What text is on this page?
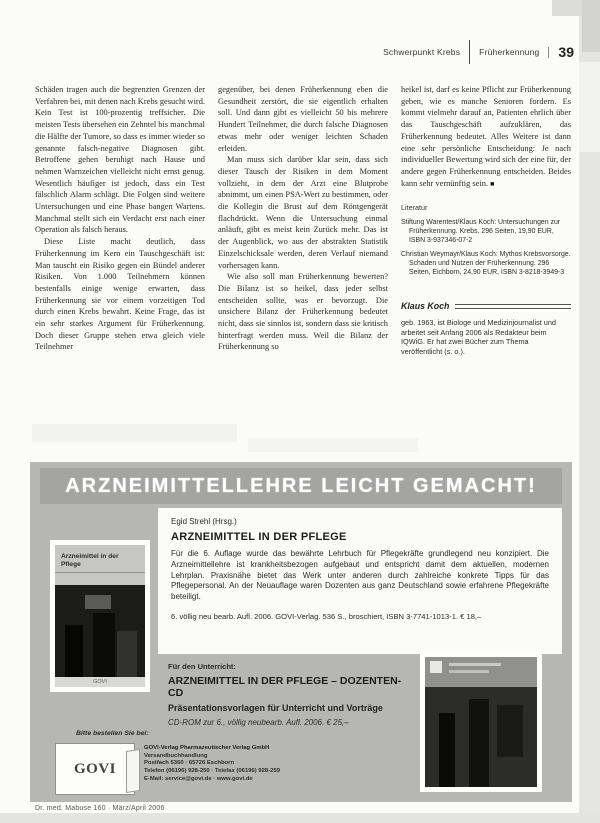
Schwerpunkt Krebs Früherkennung 39

Schäden tragen auch die begrenzten Grenzen der Verfahren bei, mit denen nach Krebs gesucht wird. Kein Test ist 100-prozentig treffsicher. Die meisten Tests übersehen ein Zehntel bis manchmal die Hälfte der Tumore, so dass es immer wieder so genannte falsch-negative Diagnosen gibt. Betroffene gehen beruhigt nach Hause und nehmen Warnzeichen vielleicht nicht ernst genug. Wesentlich häufiger ist jedoch, dass ein Test fälschlich Alarm schlägt. Die Folgen sind weitere Untersuchungen und eine Phase bangen Wartens. Manchmal stellt sich ein Verdacht erst nach einer Operation als falsch heraus.

Diese Liste macht deutlich, dass Früherkennung im Kern ein Tauschgeschäft ist: Man tauscht ein Risiko gegen ein Bündel anderer Risiken. Von 1.000 Teilnehmern können bestenfalls einige wenige erwarten, dass Früherkennung sie vor einem vorzeitigen Tod durch einen Krebs bewahrt. Keine Frage, das ist ein sehr starkes Argument für Früherkennung. Doch dieser Gruppe stehen etwa gleich viele Teilnehmer

gegenüber, bei denen Früherkennung eben die Gesundheit zerstört, die sie eigentlich erhalten soll. Und dann gibt es vielleicht 50 bis mehrere Hundert Teilnehmer, die durch falsche Diagnosen etwas mehr oder weniger leichten Schaden erleiden.

Man muss sich darüber klar sein, dass sich dieser Tausch der Risiken in dem Moment vollzieht, in dem der Arzt eine Blutprobe abnimmt, um einen PSA-Wert zu bestimmen, oder die Kollegin die Brust auf dem Röntgengerät flachdrückt. Wenn die Untersuchung einmal anläuft, gibt es meist kein Zurück mehr. Das ist der Augenblick, wo aus der abstrakten Statistik Einzelschicksale werden, deren Verlauf niemand vorhersagen kann.

Wie also soll man Früherkennung bewerten? Die Bilanz ist so heikel, dass jeder selbst entscheiden sollte, was er bevorzugt. Die unsichere Bilanz der Früherkennung bedeutet nicht, dass sie sinnlos ist, sondern dass sie kritisch hinterfragt werden muss. Weil die Bilanz der Früherkennung so

heikel ist, darf es keine Pflicht zur Früherkennung geben, wie es manche Senioren fordern. Es kommt vielmehr darauf an, Patienten ehrlich über das Tauschgeschäft aufzuklären, das Früherkennung bedeutet. Alles Weitere ist dann eine sehr persönliche Entscheidung: Je nach individueller Bewertung wird sich der eine für, der andere gegen Früherkennung entscheiden. Beides kann sehr vernünftig sein. ■

Literatur
Stiftung Warentest/Klaus Koch: Untersuchungen zur Früherkennung. Krebs. 296 Seiten, 19,90 EUR, ISBN 3-937346-07-2
Christian Weymayr/Klaus Koch: Mythos Krebsvorsorge. Schaden und Nutzen der Früherkennung. 296 Seiten, Eichborn, 24,90 EUR, ISBN 3-8218-3949-3
Klaus Koch
geb. 1963, ist Biologe und Medizinjournalist und arbeitet seit Anfang 2006 als Redakteur beim IQWiG. Er hat zwei Bücher zum Thema veröffentlicht (s. o.).
ARZNEIMITTELLEHRE LEICHT GEMACHT!
Egid Strehl (Hrsg.)
ARZNEIMITTEL IN DER PFLEGE
Für die 6. Auflage wurde das bewährte Lehrbuch für Pflegekräfte grundlegend neu konzipiert. Die Arzneimittellehre ist krankheitsbezogen aufgebaut und entspricht damit dem aktuellen, modernen Lehrplan. Praxisnähe bietet das Werk unter anderen durch zahlreiche konkrete Tipps für das Pflegepersonal. An der Neuauflage waren Dozenten aus ganz Deutschland sowie erfahrene Pflegekräfte beteiligt.
6. völlig neu bearb. Aufl. 2006. GOVI-Verlag. 536 S., broschiert, ISBN 3-7741-1013-1. € 18,–
Arzneimittel in der Pflege
GOVI
Für den Unterricht:
ARZNEIMITTEL IN DER PFLEGE – DOZENTEN-CD
Präsentationsvorlagen für Unterricht und Vorträge
CD-ROM zur 6., völlig neubearb. Aufl. 2006. € 25,–
Bitte bestellen Sie bei:
GOVI
GOVI-Verlag Pharmazeutischer Verlag GmbH
Versandbuchhandlung
Postfach 5360 · 65726 Eschborn
Telefon (06196) 928-250 · Telefax (06196) 928-259
E-Mail: service@govi.de · www.govi.de
Dr. med. Mabuse 160 · März/April 2006
